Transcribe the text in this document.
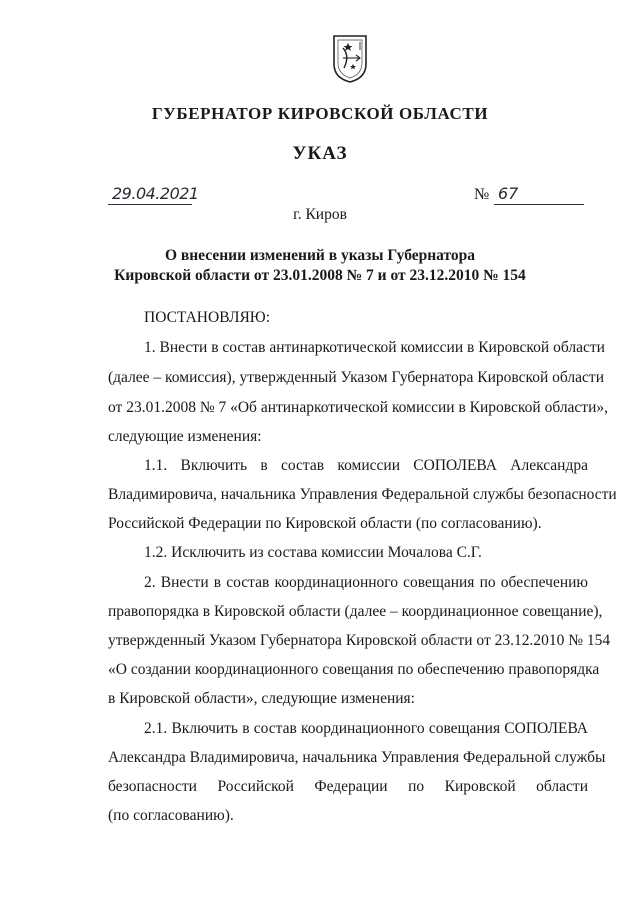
ГУБЕРНАТОР КИРОВСКОЙ ОБЛАСТИ
УКАЗ
29.04.2021	№ 67
г. Киров
О внесении изменений в указы Губернатора
Кировской области от 23.01.2008 № 7 и от 23.12.2010 № 154
ПОСТАНОВЛЯЮ:
1. Внести в состав антинаркотической комиссии в Кировской области
(далее – комиссия), утвержденный Указом Губернатора Кировской области
от 23.01.2008 № 7 «Об антинаркотической комиссии в Кировской области»,
следующие изменения:
1.1. Включить в состав комиссии СОПОЛЕВА Александра
Владимировича, начальника Управления Федеральной службы безопасности
Российской Федерации по Кировской области (по согласованию).
1.2. Исключить из состава комиссии Мочалова С.Г.
2. Внести в состав координационного совещания по обеспечению
правопорядка в Кировской области (далее – координационное совещание),
утвержденный Указом Губернатора Кировской области от 23.12.2010 № 154
«О создании координационного совещания по обеспечению правопорядка
в Кировской области», следующие изменения:
2.1. Включить в состав координационного совещания СОПОЛЕВА
Александра Владимировича, начальника Управления Федеральной службы
безопасности Российской Федерации по Кировской области
(по согласованию).
